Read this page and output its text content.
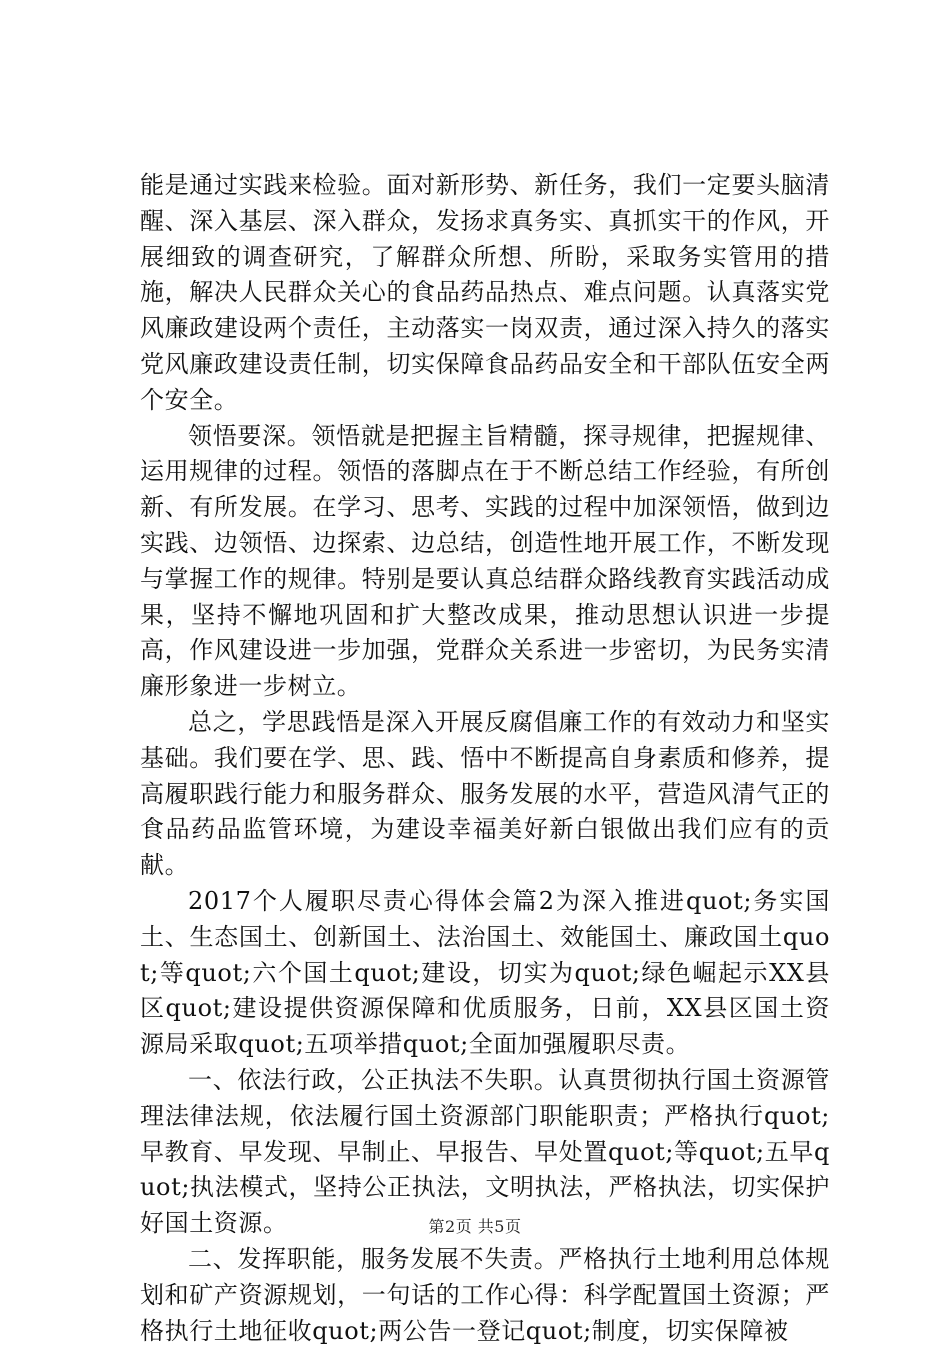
能是通过实践来检验。面对新形势、新任务，我们一定要头脑清醒、深入基层、深入群众，发扬求真务实、真抓实干的作风，开展细致的调查研究，了解群众所想、所盼，采取务实管用的措施，解决人民群众关心的食品药品热点、难点问题。认真落实党风廉政建设两个责任，主动落实一岗双责，通过深入持久的落实党风廉政建设责任制，切实保障食品药品安全和干部队伍安全两个安全。

领悟要深。领悟就是把握主旨精髓，探寻规律，把握规律、运用规律的过程。领悟的落脚点在于不断总结工作经验，有所创新、有所发展。在学习、思考、实践的过程中加深领悟，做到边实践、边领悟、边探索、边总结，创造性地开展工作，不断发现与掌握工作的规律。特别是要认真总结群众路线教育实践活动成果，坚持不懈地巩固和扩大整改成果，推动思想认识进一步提高，作风建设进一步加强，党群众关系进一步密切，为民务实清廉形象进一步树立。

总之，学思践悟是深入开展反腐倡廉工作的有效动力和坚实基础。我们要在学、思、践、悟中不断提高自身素质和修养，提高履职践行能力和服务群众、服务发展的水平，营造风清气正的食品药品监管环境，为建设幸福美好新白银做出我们应有的贡献。

2017个人履职尽责心得体会篇2为深入推进quot;务实国土、生态国土、创新国土、法治国土、效能国土、廉政国土quot;等quot;六个国土quot;建设，切实为quot;绿色崛起示XX县区quot;建设提供资源保障和优质服务，日前，XX县区国土资源局采取quot;五项举措quot;全面加强履职尽责。

一、依法行政，公正执法不失职。认真贯彻执行国土资源管理法律法规，依法履行国土资源部门职能职责；严格执行quot;早教育、早发现、早制止、早报告、早处置quot;等quot;五早quot;执法模式，坚持公正执法，文明执法，严格执法，切实保护好国土资源。

二、发挥职能，服务发展不失责。严格执行土地利用总体规划和矿产资源规划，一句话的工作心得：科学配置国土资源；严格执行土地征收quot;两公告一登记quot;制度，切实保障被

第2页 共5页
